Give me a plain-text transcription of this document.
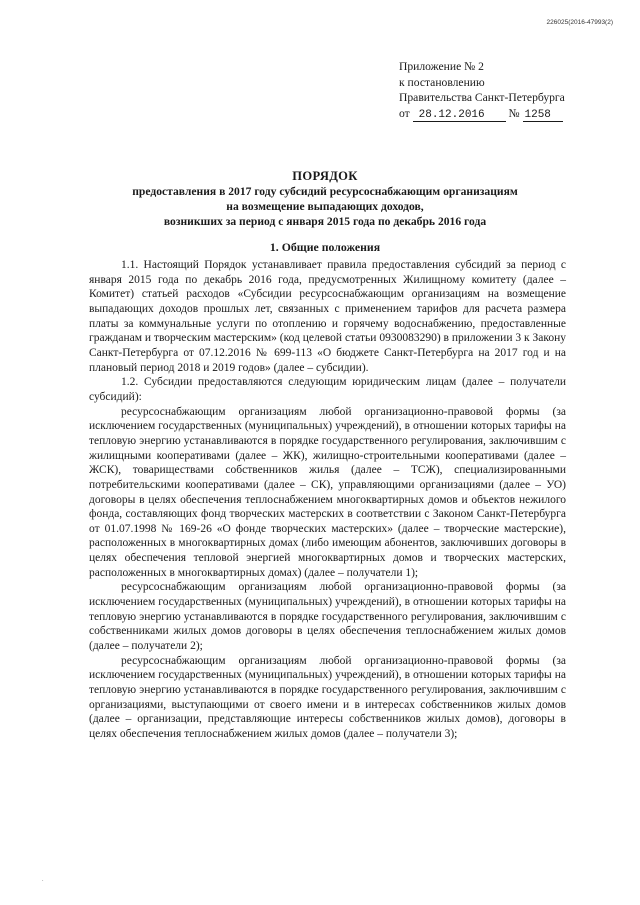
226025(2016-47993(2)
Приложение № 2
к постановлению
Правительства Санкт-Петербурга
от 28.12.2016 № 1258
ПОРЯДОК
предоставления в 2017 году субсидий ресурсоснабжающим организациям
на возмещение выпадающих доходов,
возникших за период с января 2015 года по декабрь 2016 года
1. Общие положения

1.1. Настоящий Порядок устанавливает правила предоставления субсидий за период с января 2015 года по декабрь 2016 года, предусмотренных Жилищному комитету (далее – Комитет) статьей расходов «Субсидии ресурсоснабжающим организациям на возмещение выпадающих доходов прошлых лет, связанных с применением тарифов для расчета размера платы за коммунальные услуги по отоплению и горячему водоснабжению, предоставленные гражданам и творческим мастерским» (код целевой статьи 0930083290) в приложении 3 к Закону Санкт-Петербурга от 07.12.2016 № 699-113 «О бюджете Санкт-Петербурга на 2017 год и на плановый период 2018 и 2019 годов» (далее – субсидии).

1.2. Субсидии предоставляются следующим юридическим лицам (далее – получатели субсидий):

ресурсоснабжающим организациям любой организационно-правовой формы (за исключением государственных (муниципальных) учреждений), в отношении которых тарифы на тепловую энергию устанавливаются в порядке государственного регулирования, заключившим с жилищными кооперативами (далее – ЖК), жилищно-строительными кооперативами (далее – ЖСК), товариществами собственников жилья (далее – ТСЖ), специализированными потребительскими кооперативами (далее – СК), управляющими организациями (далее – УО) договоры в целях обеспечения теплоснабжением многоквартирных домов и объектов нежилого фонда, составляющих фонд творческих мастерских в соответствии с Законом Санкт-Петербурга от 01.07.1998 № 169-26 «О фонде творческих мастерских» (далее – творческие мастерские), расположенных в многоквартирных домах (либо имеющим абонентов, заключивших договоры в целях обеспечения тепловой энергией многоквартирных домов и творческих мастерских, расположенных в многоквартирных домах) (далее – получатели 1);

ресурсоснабжающим организациям любой организационно-правовой формы (за исключением государственных (муниципальных) учреждений), в отношении которых тарифы на тепловую энергию устанавливаются в порядке государственного регулирования, заключившим с собственниками жилых домов договоры в целях обеспечения теплоснабжением жилых домов (далее – получатели 2);

ресурсоснабжающим организациям любой организационно-правовой формы (за исключением государственных (муниципальных) учреждений), в отношении которых тарифы на тепловую энергию устанавливаются в порядке государственного регулирования, заключившим с организациями, выступающими от своего имени и в интересах собственников жилых домов (далее – организации, представляющие интересы собственников жилых домов), договоры в целях обеспечения теплоснабжением жилых домов (далее – получатели 3);

.
